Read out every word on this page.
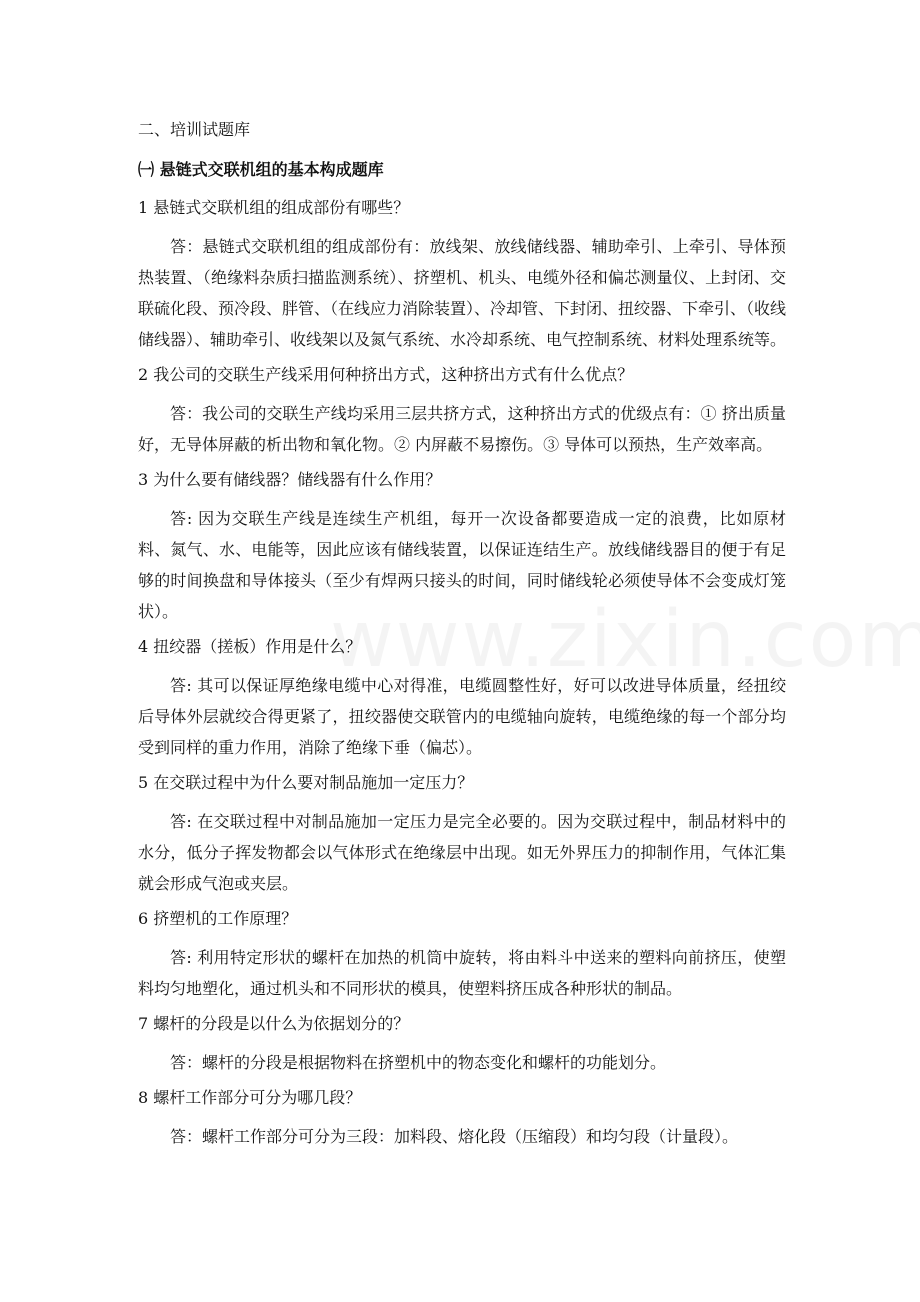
二、培训试题库

㈠ 悬链式交联机组的基本构成题库

1 悬链式交联机组的组成部份有哪些？

答：悬链式交联机组的组成部份有：放线架、放线储线器、辅助牵引、上牵引、导体预热装置、（绝缘料杂质扫描监测系统）、挤塑机、机头、电缆外径和偏芯测量仪、上封闭、交联硫化段、预冷段、胖管、（在线应力消除装置）、冷却管、下封闭、扭绞器、下牵引、（收线储线器）、辅助牵引、收线架以及氮气系统、水冷却系统、电气控制系统、材料处理系统等。

2 我公司的交联生产线采用何种挤出方式，这种挤出方式有什么优点？

答：我公司的交联生产线均采用三层共挤方式，这种挤出方式的优级点有：① 挤出质量好，无导体屏蔽的析出物和氧化物。② 内屏蔽不易擦伤。③ 导体可以预热，生产效率高。

3 为什么要有储线器？储线器有什么作用？

答: 因为交联生产线是连续生产机组，每开一次设备都要造成一定的浪费，比如原材料、氮气、水、电能等，因此应该有储线装置，以保证连结生产。放线储线器目的便于有足够的时间换盘和导体接头（至少有焊两只接头的时间，同时储线轮必须使导体不会变成灯笼状）。

4 扭绞器（搓板）作用是什么？

答: 其可以保证厚绝缘电缆中心对得准，电缆圆整性好，好可以改进导体质量，经扭绞后导体外层就绞合得更紧了，扭绞器使交联管内的电缆轴向旋转，电缆绝缘的每一个部分均受到同样的重力作用，消除了绝缘下垂（偏芯）。

5 在交联过程中为什么要对制品施加一定压力？

答: 在交联过程中对制品施加一定压力是完全必要的。因为交联过程中，制品材料中的水分，低分子挥发物都会以气体形式在绝缘层中出现。如无外界压力的抑制作用，气体汇集就会形成气泡或夹层。

6 挤塑机的工作原理？

答: 利用特定形状的螺杆在加热的机筒中旋转，将由料斗中送来的塑料向前挤压，使塑料均匀地塑化，通过机头和不同形状的模具，使塑料挤压成各种形状的制品。

7 螺杆的分段是以什么为依据划分的？

答：螺杆的分段是根据物料在挤塑机中的物态变化和螺杆的功能划分。

8 螺杆工作部分可分为哪几段？

答：螺杆工作部分可分为三段：加料段、熔化段（压缩段）和均匀段（计量段）。
